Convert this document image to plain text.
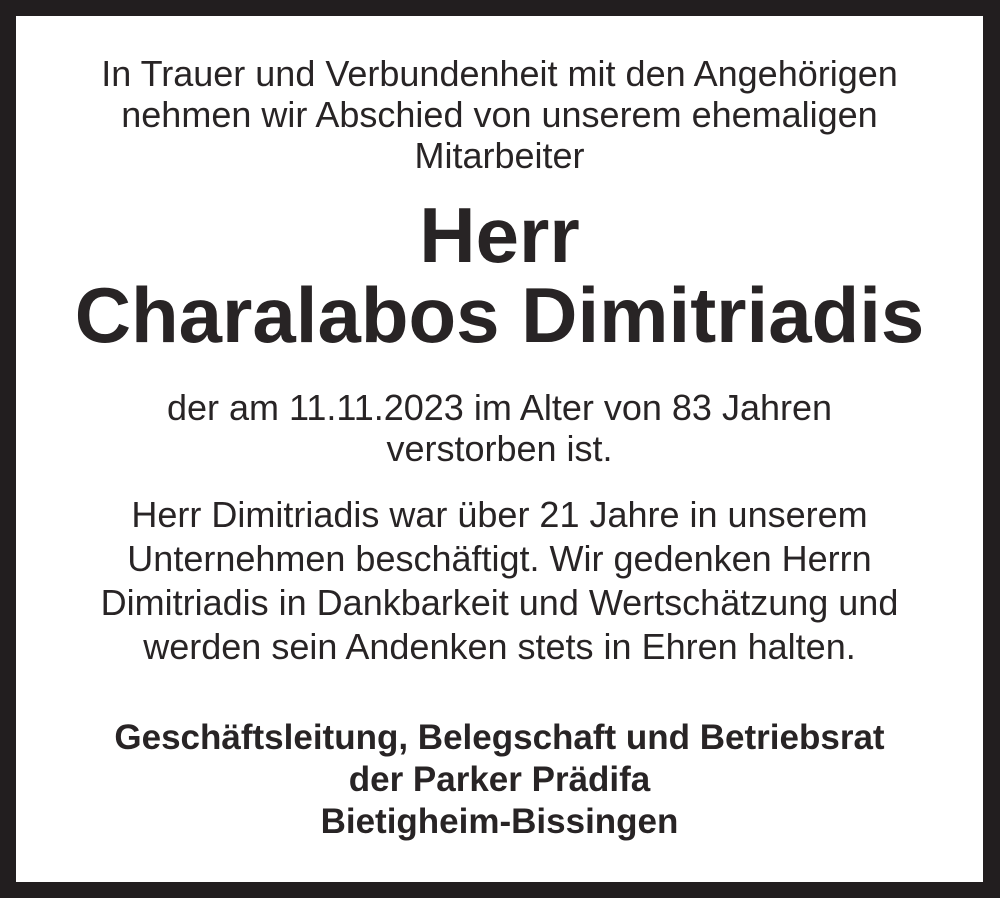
In Trauer und Verbundenheit mit den Angehörigen
nehmen wir Abschied von unserem ehemaligen
Mitarbeiter
Herr
Charalabos Dimitriadis
der am 11.11.2023 im Alter von 83 Jahren
verstorben ist.
Herr Dimitriadis war über 21 Jahre in unserem
Unternehmen beschäftigt. Wir gedenken Herrn
Dimitriadis in Dankbarkeit und Wertschätzung und
werden sein Andenken stets in Ehren halten.
Geschäftsleitung, Belegschaft und Betriebsrat
der Parker Prädifa
Bietigheim-Bissingen
